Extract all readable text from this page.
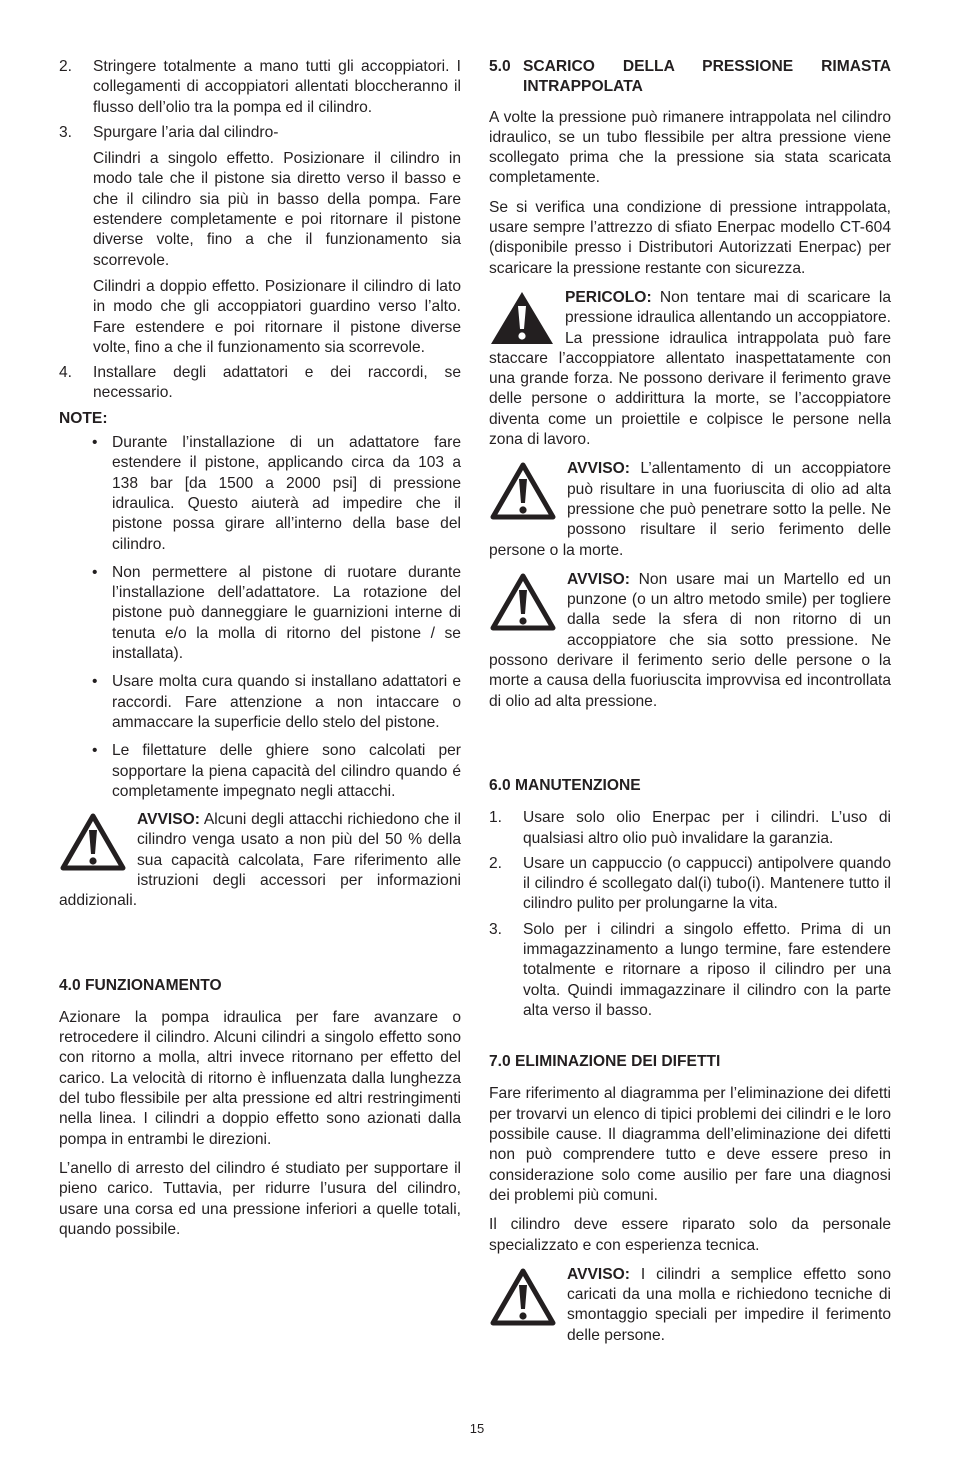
2. Stringere totalmente a mano tutti gli accoppiatori. I collegamenti di accoppiatori allentati bloccheranno il flusso dell’olio tra la pompa ed il cilindro.

3. Spurgare l’aria dal cilindro-

Cilindri a singolo effetto. Posizionare il cilindro in modo tale che il pistone sia diretto verso il basso e che il cilindro sia più in basso della pompa. Fare estendere completamente e poi ritornare il pistone diverse volte, fino a che il funzionamento sia scorrevole.

Cilindri a doppio effetto. Posizionare il cilindro di lato in modo che gli accoppiatori guardino verso l’alto. Fare estendere e poi ritornare il pistone diverse volte, fino a che il funzionamento sia scorrevole.

4. Installare degli adattatori e dei raccordi, se necessario.

NOTE:
• Durante l’installazione di un adattatore fare estendere il pistone, applicando circa da 103 a 138 bar [da 1500 a 2000 psi] di pressione idraulica. Questo aiuterà ad impedire che il pistone possa girare all’interno della base del cilindro.
• Non permettere al pistone di ruotare durante l’installazione dell’adattatore. La rotazione del pistone può danneggiare le guarnizioni interne di tenuta e/o la molla di ritorno del pistone / se installata).
• Usare molta cura quando si installano adattatori e raccordi. Fare attenzione a non intaccare o ammaccare la superficie dello stelo del pistone.
• Le filettature delle ghiere sono calcolati per sopportare la piena capacità del cilindro quando é completamente impegnato negli attacchi.
AVVISO: Alcuni degli attacchi richiedono che il cilindro venga usato a non più del 50 % della sua capacità calcolata, Fare riferimento alle istruzioni degli accessori per informazioni addizionali.
4.0 FUNZIONAMENTO

Azionare la pompa idraulica per fare avanzare o retrocedere il cilindro. Alcuni cilindri a singolo effetto sono con ritorno a molla, altri invece ritornano per effetto del carico. La velocità di ritorno è influenzata dalla lunghezza del tubo flessibile per alta pressione ed altri restringimenti nella linea. I cilindri a doppio effetto sono azionati dalla pompa in entrambi le direzioni.

L’anello di arresto del cilindro é studiato per supportare il pieno carico. Tuttavia, per ridurre l’usura del cilindro, usare una corsa ed una pressione inferiori a quelle totali, quando possibile.

5.0 SCARICO DELLA PRESSIONE RIMASTA
INTRAPPOLATA

A volte la pressione può rimanere intrappolata nel cilindro idraulico, se un tubo flessibile per altra pressione viene scollegato prima che la pressione sia stata scaricata completamente.

Se si verifica una condizione di pressione intrappolata, usare sempre l’attrezzo di sfiato Enerpac modello CT-604 (disponibile presso i Distributori Autorizzati Enerpac) per scaricare la pressione restante con sicurezza.

PERICOLO: Non tentare mai di scaricare la pressione idraulica allentando un accoppiatore. La pressione idraulica intrappolata può fare staccare l’accoppiatore allentato inaspettatamente con una grande forza. Ne possono derivare il ferimento grave delle persone o addirittura la morte, se l’accoppiatore diventa come un proiettile e colpisce le persone nella zona di lavoro.
AVVISO: L’allentamento di un accoppiatore può risultare in una fuoriuscita di olio ad alta pressione che può penetrare sotto la pelle. Ne possono risultare il serio ferimento delle persone o la morte.
AVVISO: Non usare mai un Martello ed un punzone (o un altro metodo smile) per togliere dalla sede la sfera di non ritorno di un accoppiatore che sia sotto pressione. Ne possono derivare il ferimento serio delle persone o la morte a causa della fuoriuscita improvvisa ed incontrollata di olio ad alta pressione.
6.0 MANUTENZIONE
1. Usare solo olio Enerpac per i cilindri. L’uso di qualsiasi altro olio può invalidare la garanzia.

2. Usare un cappuccio (o cappucci) antipolvere quando il cilindro é scollegato dal(i) tubo(i). Mantenere tutto il cilindro pulito per prolungarne la vita.

3. Solo per i cilindri a singolo effetto. Prima di un immagazzinamento a lungo termine, fare estendere totalmente e ritornare a riposo il cilindro per una volta. Quindi immagazzinare il cilindro con la parte alta verso il basso.

7.0 ELIMINAZIONE DEI DIFETTI

Fare riferimento al diagramma per l’eliminazione dei difetti per trovarvi un elenco di tipici problemi dei cilindri e le loro possibile cause. Il diagramma dell’eliminazione dei difetti non può comprendere tutto e deve essere preso in considerazione solo come ausilio per fare una diagnosi dei problemi più comuni.

Il cilindro deve essere riparato solo da personale specializzato e con esperienza tecnica.

AVVISO: I cilindri a semplice effetto sono caricati da una molla e richiedono tecniche di smontaggio speciali per impedire il ferimento delle persone.
15
